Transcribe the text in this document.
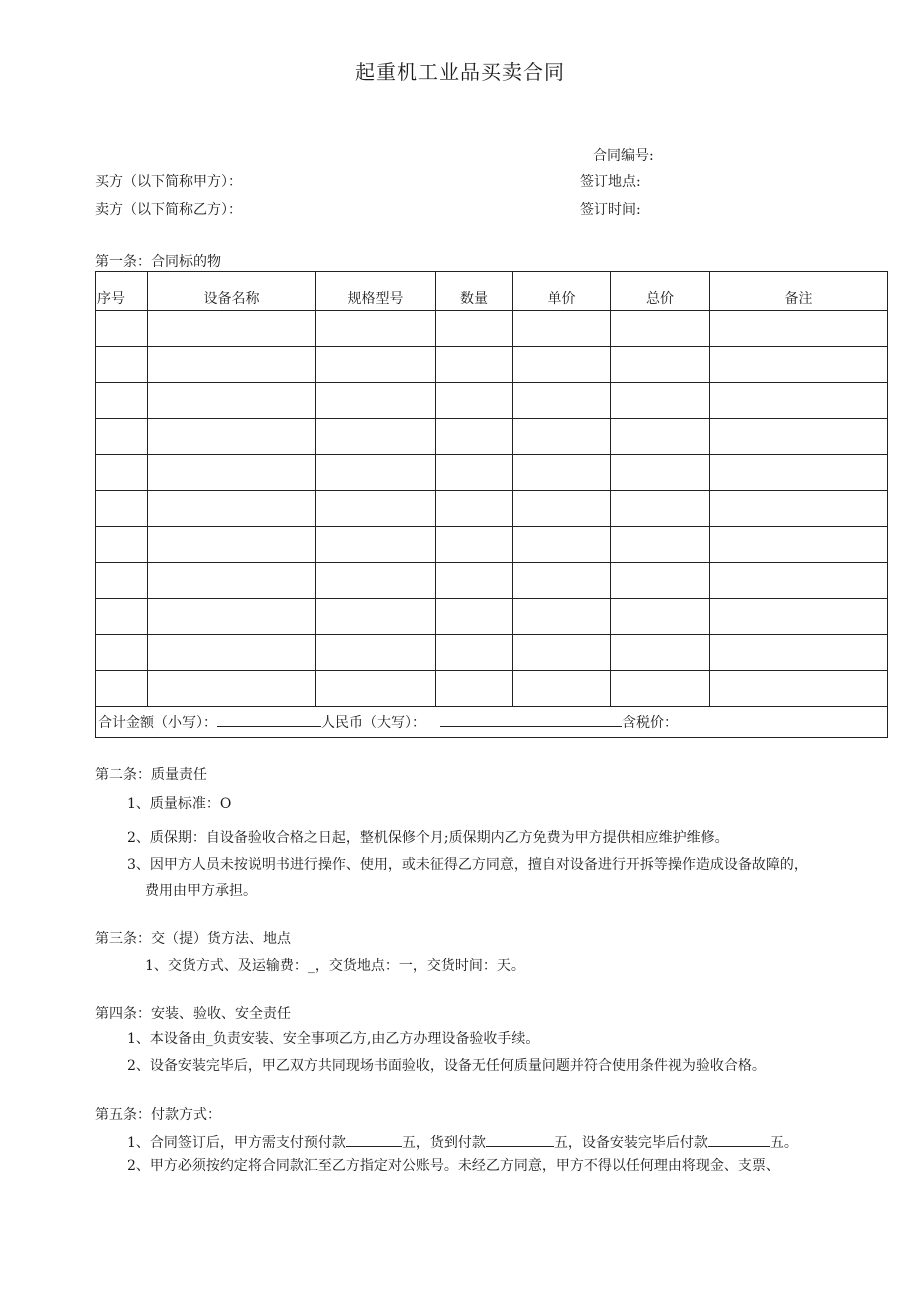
起重机工业品买卖合同
合同编号:
买方（以下简称甲方）：	签订地点:
卖方（以下简称乙方）：	签订时间:
第一条：合同标的物
序号	设备名称	规格型号	数量	单价	总价	备注

合计金额（小写）： 人民币（大写）： 含税价：						
第二条：质量责任
1、质量标准：O
2、质保期：自设备验收合格之日起，整机保修个月;质保期内乙方免费为甲方提供相应维护维修。
3、因甲方人员未按说明书进行操作、使用，或未征得乙方同意，擅自对设备进行开拆等操作造成设备故障的，
费用由甲方承担。
第三条：交（提）货方法、地点
1、交货方式、及运输费：_，交货地点：一，交货时间：天。
第四条：安装、验收、安全责任
1、本设备由_负责安装、安全事项乙方,由乙方办理设备验收手续。
2、设备安装完毕后，甲乙双方共同现场书面验收，设备无任何质量问题并符合使用条件视为验收合格。
第五条：付款方式：
1、合同签订后，甲方需支付预付款	五，货到付款	五，设备安装完毕后付款	五。
2、甲方必须按约定将合同款汇至乙方指定对公账号。未经乙方同意，甲方不得以任何理由将现金、支票、
